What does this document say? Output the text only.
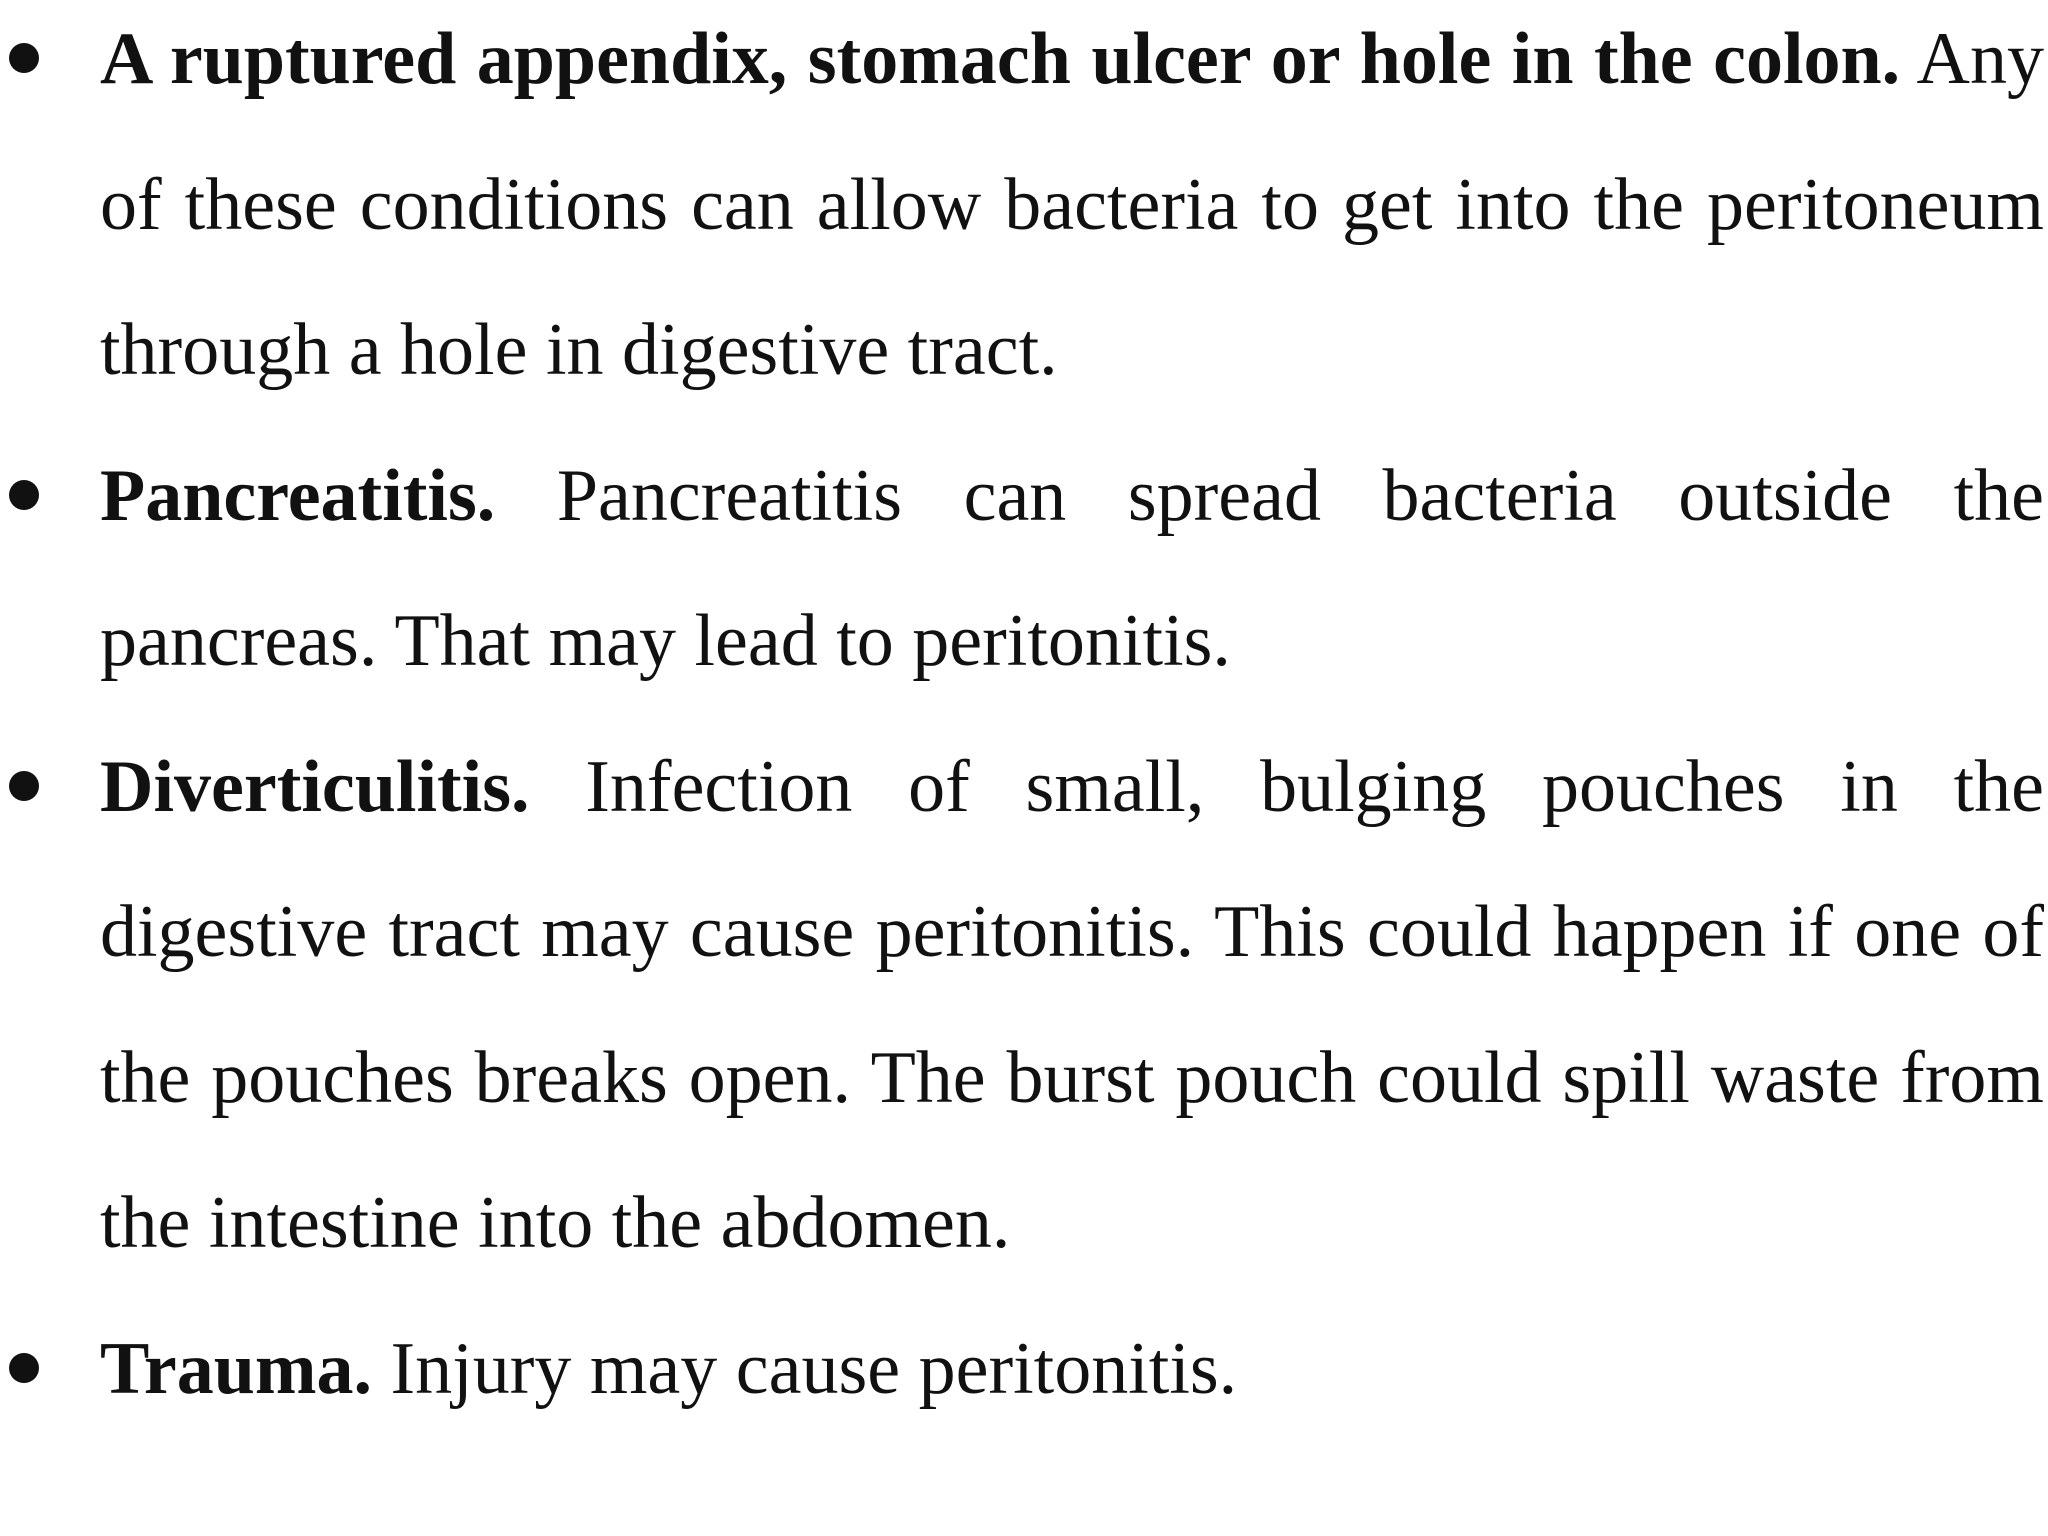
A ruptured appendix, stomach ulcer or hole in the colon. Any of these conditions can allow bacteria to get into the peritoneum through a hole in digestive tract.
Pancreatitis. Pancreatitis can spread bacteria outside the pancreas. That may lead to peritonitis.
Diverticulitis. Infection of small, bulging pouches in the digestive tract may cause peritonitis. This could happen if one of the pouches breaks open. The burst pouch could spill waste from the intestine into the abdomen.
Trauma. Injury may cause peritonitis.
